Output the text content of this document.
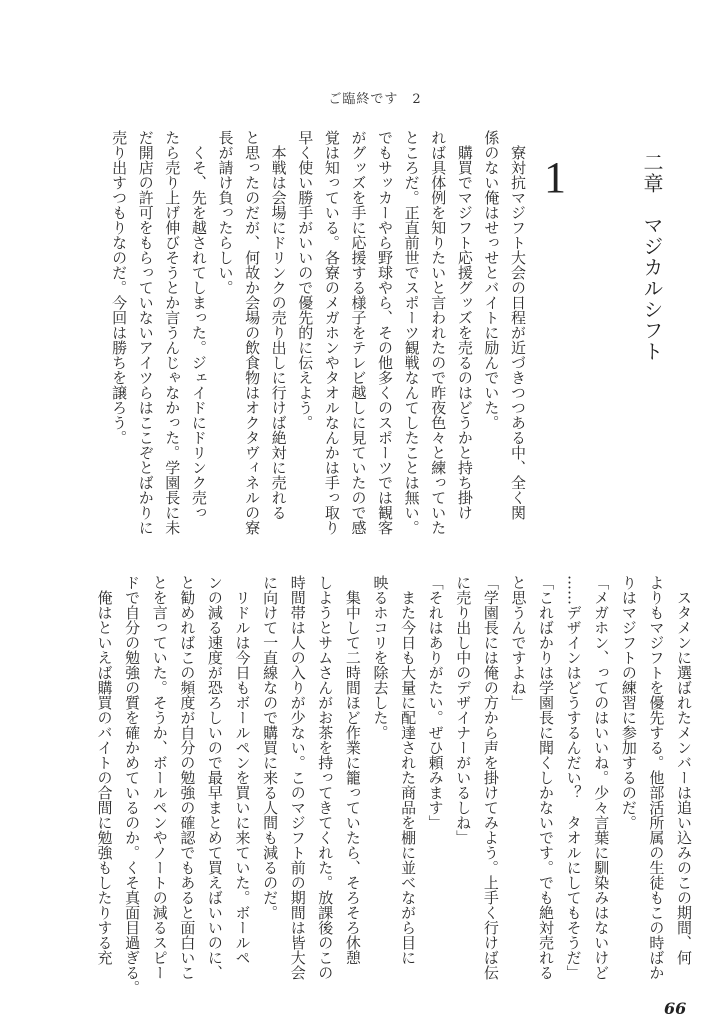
ご臨終です　2
二章　マジカルシフト
1
　寮対抗マジフト大会の日程が近づきつつある中、全く関
係のない俺はせっせとバイトに励んでいた。
　購買でマジフト応援グッズを売るのはどうかと持ち掛け
れば具体例を知りたいと言われたので昨夜色々と練っていた
ところだ。正直前世でスポーツ観戦なんてしたことは無い。
でもサッカーやら野球やら、その他多くのスポーツでは観客
がグッズを手に応援する様子をテレビ越しに見ていたので感
覚は知っている。各寮のメガホンやタオルなんかは手っ取り
早く使い勝手がいいので優先的に伝えよう。
　本戦は会場にドリンクの売り出しに行けば絶対に売れる
と思ったのだが、何故か会場の飲食物はオクタヴィネルの寮
長が請け負ったらしい。
　くそ、先を越されてしまった。ジェイドにドリンク売っ
たら売り上げ伸びそうとか言うんじゃなかった。学園長に未
だ開店の許可をもらっていないアイツらはここぞとばかりに
売り出すつもりなのだ。今回は勝ちを譲ろう。
　スタメンに選ばれたメンバーは追い込みのこの期間、何
よりもマジフトを優先する。他部活所属の生徒もこの時ばか
りはマジフトの練習に参加するのだ。
「メガホン、ってのはいいね。少々言葉に馴染みはないけど
……デザインはどうするんだい？　タオルにしてもそうだ」
「こればかりは学園長に聞くしかないです。でも絶対売れる
と思うんですよね」
「学園長には俺の方から声を掛けてみよう。上手く行けば伝
に売り出し中のデザイナーがいるしね」
「それはありがたい。ぜひ頼みます」
　また今日も大量に配達された商品を棚に並べながら目に
映るホコリを除去した。
　集中して二時間ほど作業に籠っていたら、そろそろ休憩
しようとサムさんがお茶を持ってきてくれた。放課後のこの
時間帯は人の入りが少ない。このマジフト前の期間は皆大会
に向けて一直線なので購買に来る人間も減るのだ。
　リドルは今日もボールペンを買いに来ていた。ボールペ
ンの減る速度が恐ろしいので最早まとめて買えばいいのに、
と勧めればこの頻度が自分の勉強の確認でもあると面白いこ
とを言っていた。そうか、ボールペンやノートの減るスピー
ドで自分の勉強の質を確かめているのか。くそ真面目過ぎる。
　俺はといえば購買のバイトの合間に勉強もしたりする充
66
